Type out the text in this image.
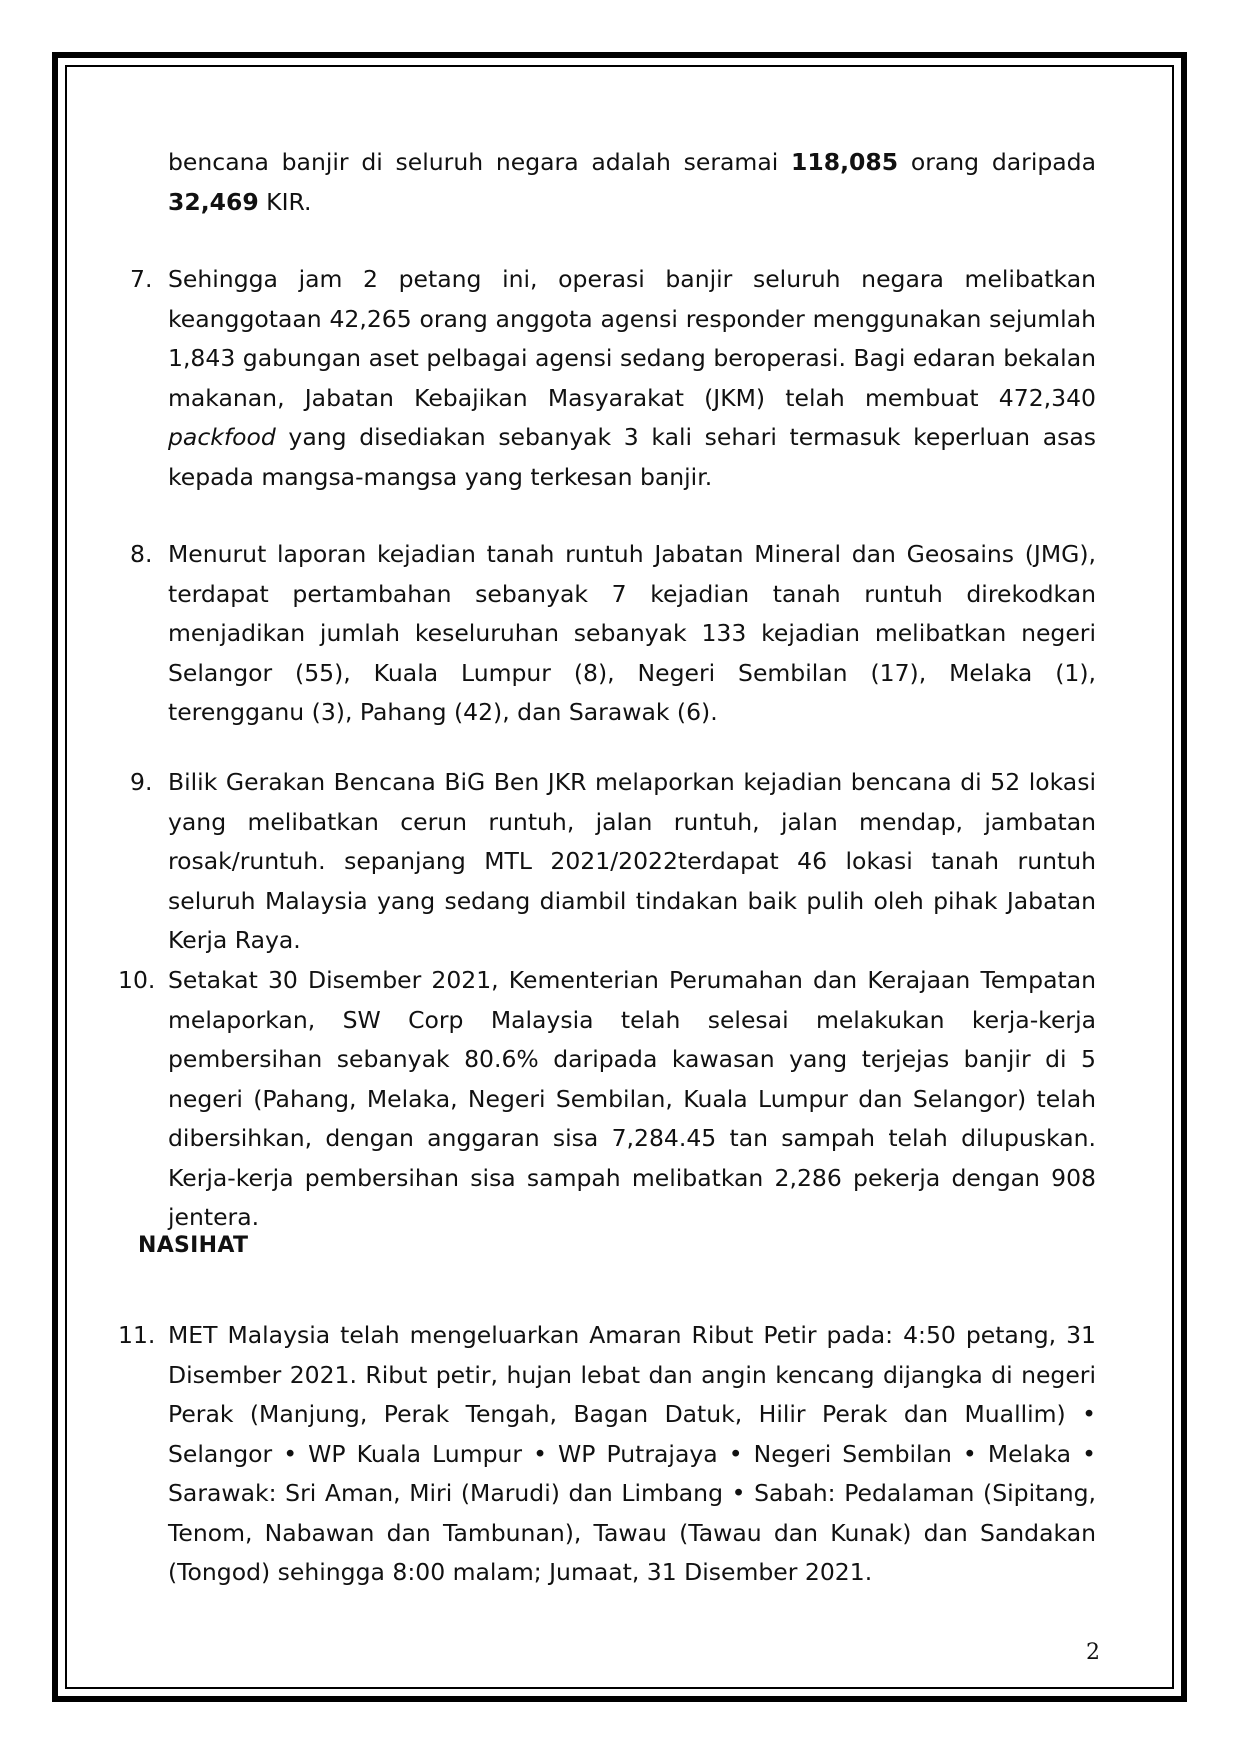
bencana banjir di seluruh negara adalah seramai 118,085 orang daripada 32,469 KIR.
7. Sehingga jam 2 petang ini, operasi banjir seluruh negara melibatkan keanggotaan 42,265 orang anggota agensi responder menggunakan sejumlah 1,843 gabungan aset pelbagai agensi sedang beroperasi. Bagi edaran bekalan makanan, Jabatan Kebajikan Masyarakat (JKM) telah membuat 472,340 packfood yang disediakan sebanyak 3 kali sehari termasuk keperluan asas kepada mangsa-mangsa yang terkesan banjir.
8. Menurut laporan kejadian tanah runtuh Jabatan Mineral dan Geosains (JMG), terdapat pertambahan sebanyak 7 kejadian tanah runtuh direkodkan menjadikan jumlah keseluruhan sebanyak 133 kejadian melibatkan negeri Selangor (55), Kuala Lumpur (8), Negeri Sembilan (17), Melaka (1), terengganu (3), Pahang (42), dan Sarawak (6).
9. Bilik Gerakan Bencana BiG Ben JKR melaporkan kejadian bencana di 52 lokasi yang melibatkan cerun runtuh, jalan runtuh, jalan mendap, jambatan rosak/runtuh. sepanjang MTL 2021/2022terdapat 46 lokasi tanah runtuh seluruh Malaysia yang sedang diambil tindakan baik pulih oleh pihak Jabatan Kerja Raya.
10. Setakat 30 Disember 2021, Kementerian Perumahan dan Kerajaan Tempatan melaporkan, SW Corp Malaysia telah selesai melakukan kerja-kerja pembersihan sebanyak 80.6% daripada kawasan yang terjejas banjir di 5 negeri (Pahang, Melaka, Negeri Sembilan, Kuala Lumpur dan Selangor) telah dibersihkan, dengan anggaran sisa 7,284.45 tan sampah telah dilupuskan. Kerja-kerja pembersihan sisa sampah melibatkan 2,286 pekerja dengan 908 jentera.
NASIHAT
11. MET Malaysia telah mengeluarkan Amaran Ribut Petir pada: 4:50 petang, 31 Disember 2021. Ribut petir, hujan lebat dan angin kencang dijangka di negeri Perak (Manjung, Perak Tengah, Bagan Datuk, Hilir Perak dan Muallim) • Selangor • WP Kuala Lumpur • WP Putrajaya • Negeri Sembilan • Melaka • Sarawak: Sri Aman, Miri (Marudi) dan Limbang • Sabah: Pedalaman (Sipitang, Tenom, Nabawan dan Tambunan), Tawau (Tawau dan Kunak) dan Sandakan (Tongod) sehingga 8:00 malam; Jumaat, 31 Disember 2021.
2
